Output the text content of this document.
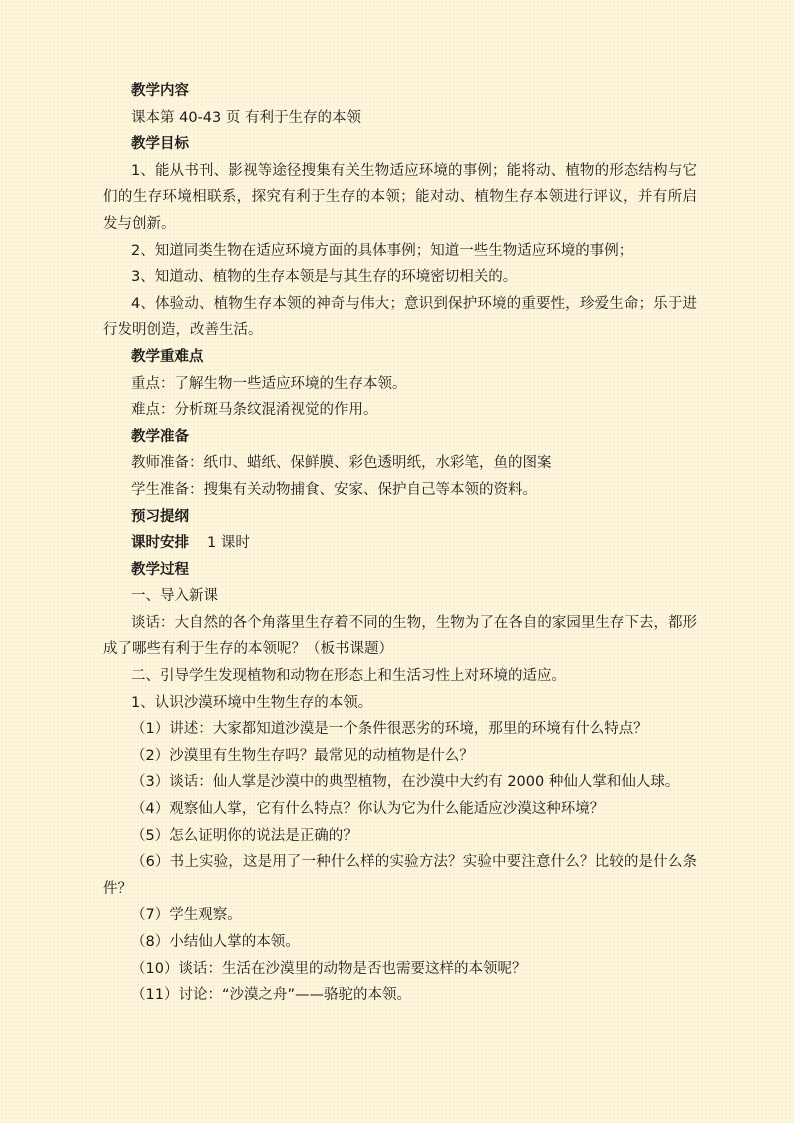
教学内容
课本第 40-43 页 有利于生存的本领
教学目标
1、能从书刊、影视等途径搜集有关生物适应环境的事例；能将动、植物的形态结构与它们的生存环境相联系，探究有利于生存的本领；能对动、植物生存本领进行评议，并有所启发与创新。
2、知道同类生物在适应环境方面的具体事例；知道一些生物适应环境的事例；
3、知道动、植物的生存本领是与其生存的环境密切相关的。
4、体验动、植物生存本领的神奇与伟大；意识到保护环境的重要性，珍爱生命；乐于进行发明创造，改善生活。
教学重难点
重点：了解生物一些适应环境的生存本领。
难点：分析斑马条纹混淆视觉的作用。
教学准备
教师准备：纸巾、蜡纸、保鲜膜、彩色透明纸，水彩笔，鱼的图案
学生准备：搜集有关动物捕食、安家、保护自己等本领的资料。
预习提纲
课时安排 1 课时
教学过程
一、导入新课
谈话：大自然的各个角落里生存着不同的生物，生物为了在各自的家园里生存下去，都形成了哪些有利于生存的本领呢？（板书课题）
二、引导学生发现植物和动物在形态上和生活习性上对环境的适应。
1、认识沙漠环境中生物生存的本领。
（1）讲述：大家都知道沙漠是一个条件很恶劣的环境，那里的环境有什么特点？
（2）沙漠里有生物生存吗？最常见的动植物是什么？
（3）谈话：仙人掌是沙漠中的典型植物，在沙漠中大约有 2000 种仙人掌和仙人球。
（4）观察仙人掌，它有什么特点？你认为它为什么能适应沙漠这种环境？
（5）怎么证明你的说法是正确的？
（6）书上实验，这是用了一种什么样的实验方法？实验中要注意什么？比较的是什么条件？
（7）学生观察。
（8）小结仙人掌的本领。
（10）谈话：生活在沙漠里的动物是否也需要这样的本领呢？
（11）讨论：“沙漠之舟”——骆驼的本领。
